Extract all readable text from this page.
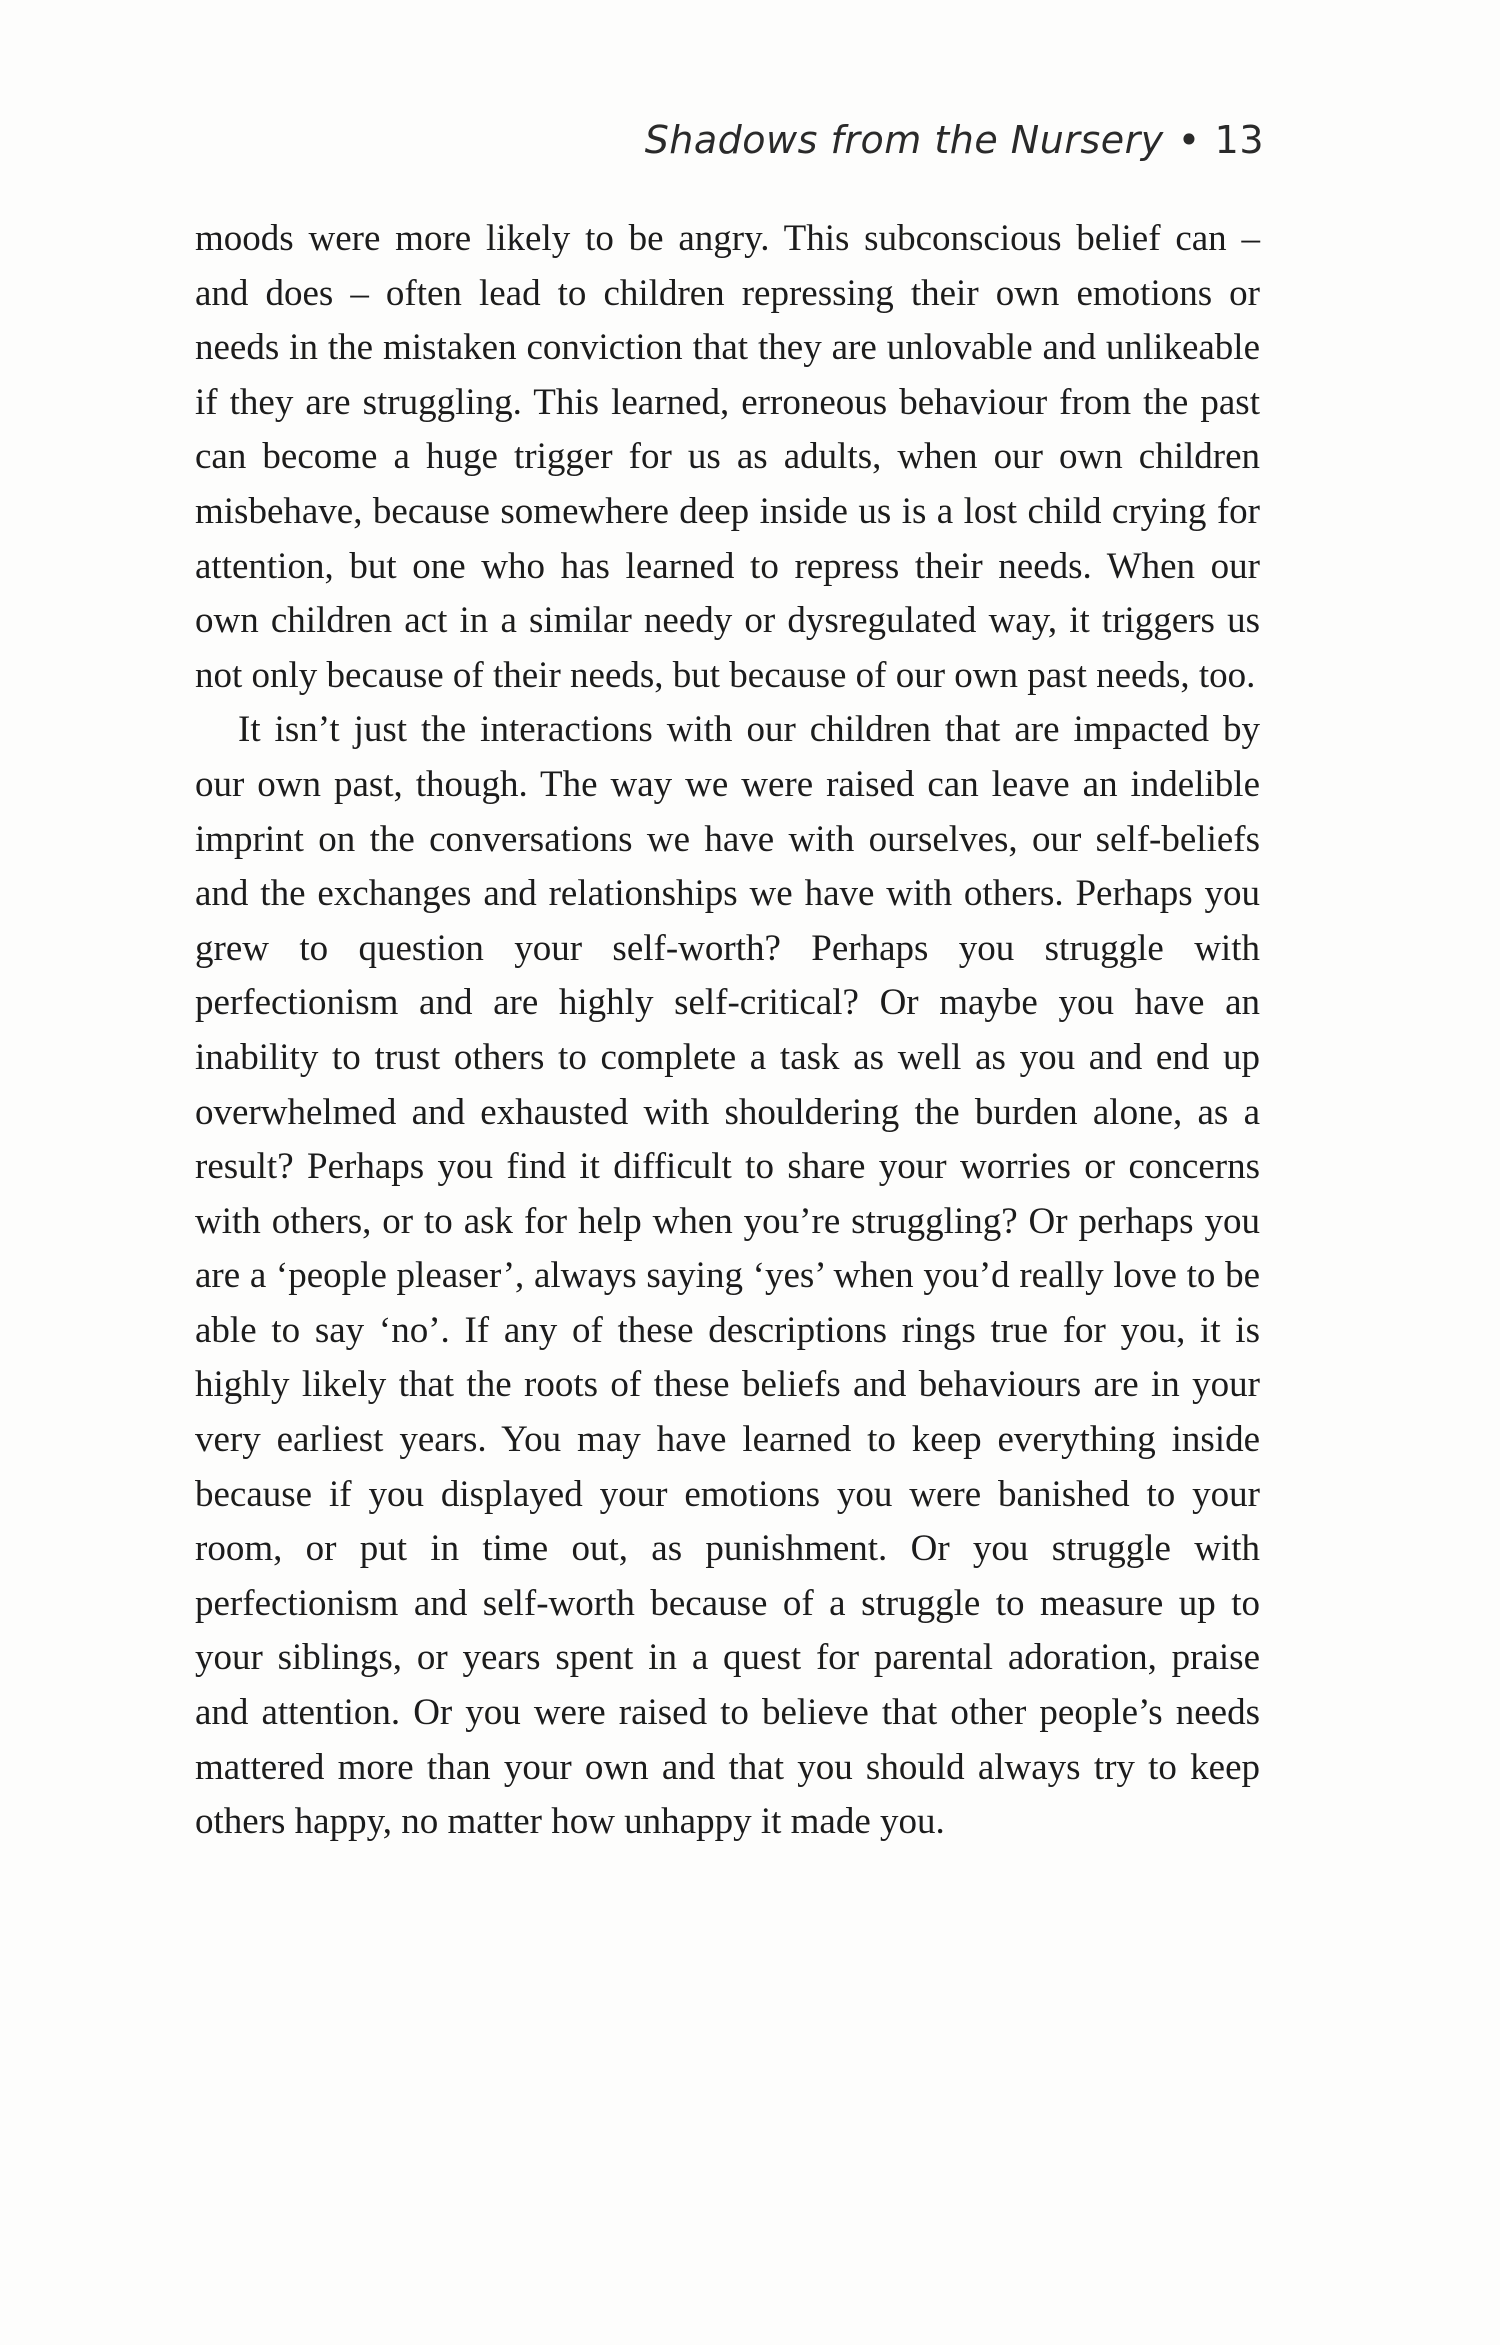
Shadows from the Nursery • 13

moods were more likely to be angry. This subconscious belief can – and does – often lead to children repressing their own emotions or needs in the mistaken conviction that they are unlovable and unlikeable if they are struggling. This learned, erroneous behaviour from the past can become a huge trigger for us as adults, when our own children misbehave, because somewhere deep inside us is a lost child crying for attention, but one who has learned to repress their needs. When our own children act in a similar needy or dysregulated way, it triggers us not only because of their needs, but because of our own past needs, too.

It isn’t just the interactions with our children that are impacted by our own past, though. The way we were raised can leave an indelible imprint on the conversations we have with ourselves, our self-beliefs and the exchanges and relationships we have with others. Perhaps you grew to question your self-worth? Perhaps you struggle with perfectionism and are highly self-critical? Or maybe you have an inability to trust others to complete a task as well as you and end up overwhelmed and exhausted with shouldering the burden alone, as a result? Perhaps you find it difficult to share your worries or concerns with others, or to ask for help when you’re struggling? Or perhaps you are a ‘people pleaser’, always saying ‘yes’ when you’d really love to be able to say ‘no’. If any of these descriptions rings true for you, it is highly likely that the roots of these beliefs and behaviours are in your very earliest years. You may have learned to keep everything inside because if you displayed your emotions you were banished to your room, or put in time out, as punishment. Or you struggle with perfectionism and self-worth because of a struggle to measure up to your siblings, or years spent in a quest for parental adoration, praise and attention. Or you were raised to believe that other people’s needs mattered more than your own and that you should always try to keep others happy, no matter how unhappy it made you.
